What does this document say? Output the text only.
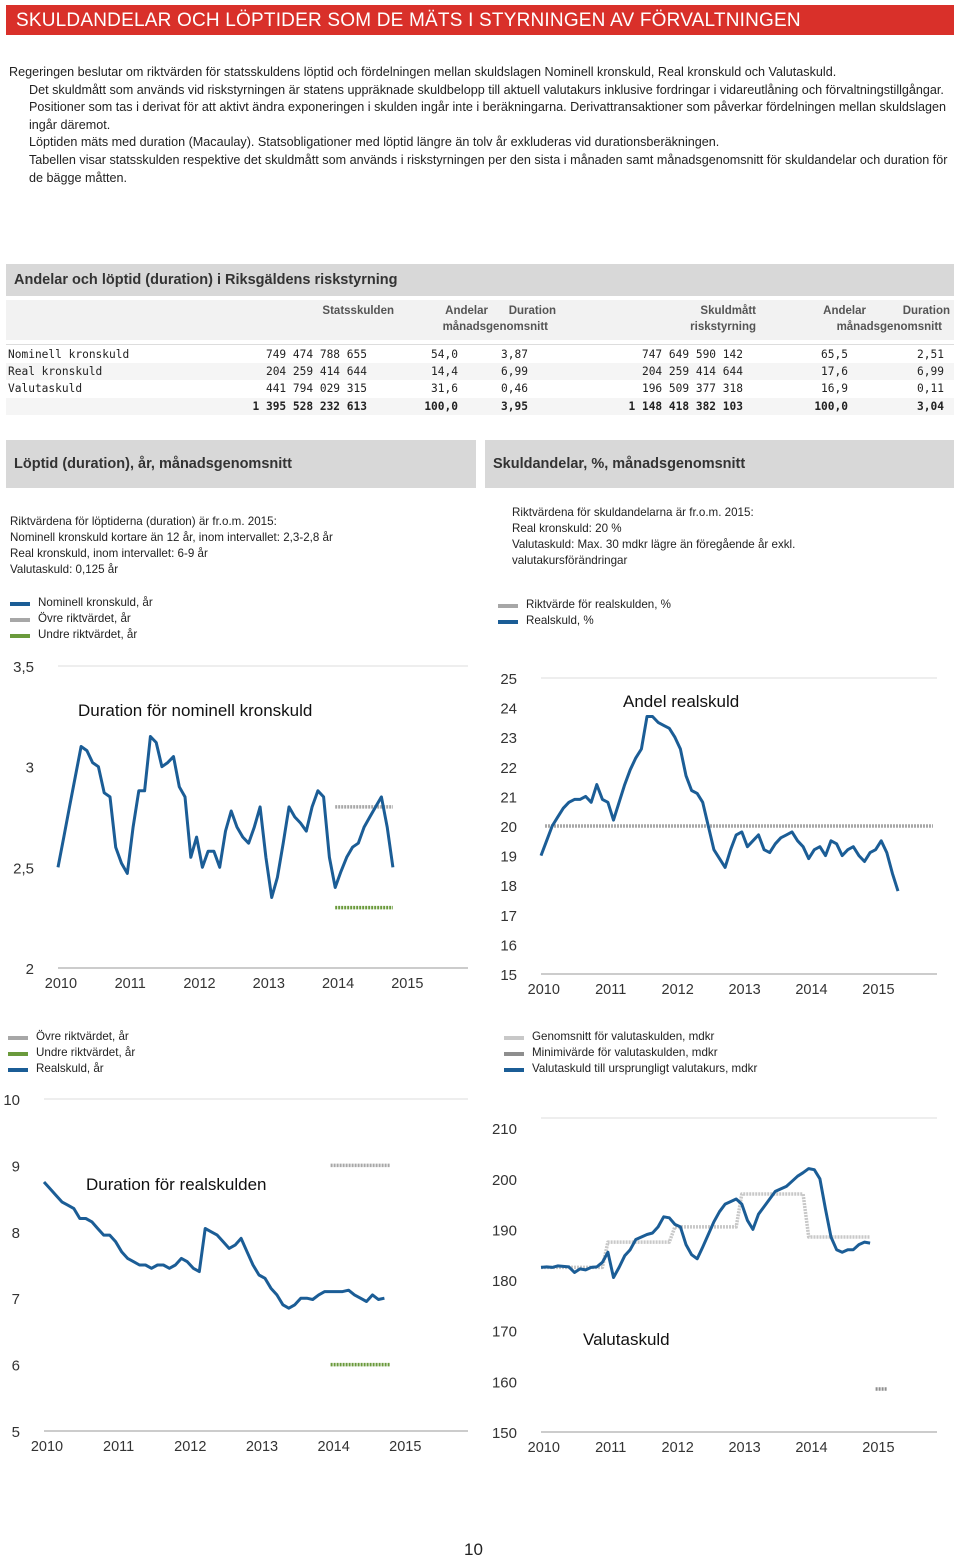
SKULDANDELAR OCH LÖPTIDER SOM DE MÄTS I STYRNINGEN AV FÖRVALTNINGEN

Regeringen beslutar om riktvärden för statsskuldens löptid och fördelningen mellan skuldslagen Nominell kronskuld, Real kronskuld och Valutaskuld.

Det skuldmått som används vid riskstyrningen är statens uppräknade skuldbelopp till aktuell valutakurs inklusive fordringar i vidareutlåning och förvaltningstillgångar. Positioner som tas i derivat för att aktivt ändra exponeringen i skulden ingår inte i beräkningarna. Derivattransaktioner som påverkar fördelningen mellan skuldslagen ingår däremot.

Löptiden mäts med duration (Macaulay). Statsobligationer med löptid längre än tolv år exkluderas vid durationsberäkningen.

Tabellen visar statsskulden respektive det skuldmått som används i riskstyrningen per den sista i månaden samt månadsgenomsnitt för skuldandelar och duration för de bägge måtten.

Andelar och löptid (duration) i Riksgäldens riskstyrning
Statsskulden	Andelar Duration	Skuldmått	Andelar	Duration
månadsgenomsnitt	riskstyrning	månadsgenomsnitt
Nominell kronskuld	749 474 788 655	54,0	3,87	747 649 590 142	65,5	2,51
Real kronskuld	204 259 414 644	14,4	6,99	204 259 414 644	17,6	6,99
Valutaskuld	441 794 029 315	31,6	0,46	196 509 377 318	16,9	0,11
1 395 528 232 613	100,0	3,95	1 148 418 382 103	100,0	3,04
Löptid (duration), år, månadsgenomsnitt	Skuldandelar, %, månadsgenomsnitt
Riktvärdena för löptiderna (duration) är fr.o.m. 2015:
Nominell kronskuld kortare än 12 år, inom intervallet: 2,3-2,8 år
Real kronskuld, inom intervallet: 6-9 år
Valutaskuld: 0,125 år
Riktvärdena för skuldandelarna är fr.o.m. 2015:
Real kronskuld: 20 %
Valutaskuld: Max. 30 mdkr lägre än föregående år exkl.
valutakursförändringar
Nominell kronskuld, år
Övre riktvärdet, år
Undre riktvärdet, år
3,5
3
2,5
2
2010	2011	2012	2013	2014	2015
Duration för nominell kronskuld
Riktvärde för realskulden, %
Realskuld, %
25
24
23
22
21
20
19
18
17
16
15
2010 2011 2012 2013 2014 2015
Andel realskuld
Övre riktvärdet, år
Undre riktvärdet, år
Realskuld, år
10
9
8
7
6
5
2010	2011	2012	2013	2014	2015
Duration för realskulden
Genomsnitt för valutaskulden, mdkr
Minimivärde för valutaskulden, mdkr
Valutaskuld till ursprungligt valutakurs, mdkr
210
200
190
180
170
160
150
2010 2011 2012 2013 2014 2015
Valutaskuld
10
